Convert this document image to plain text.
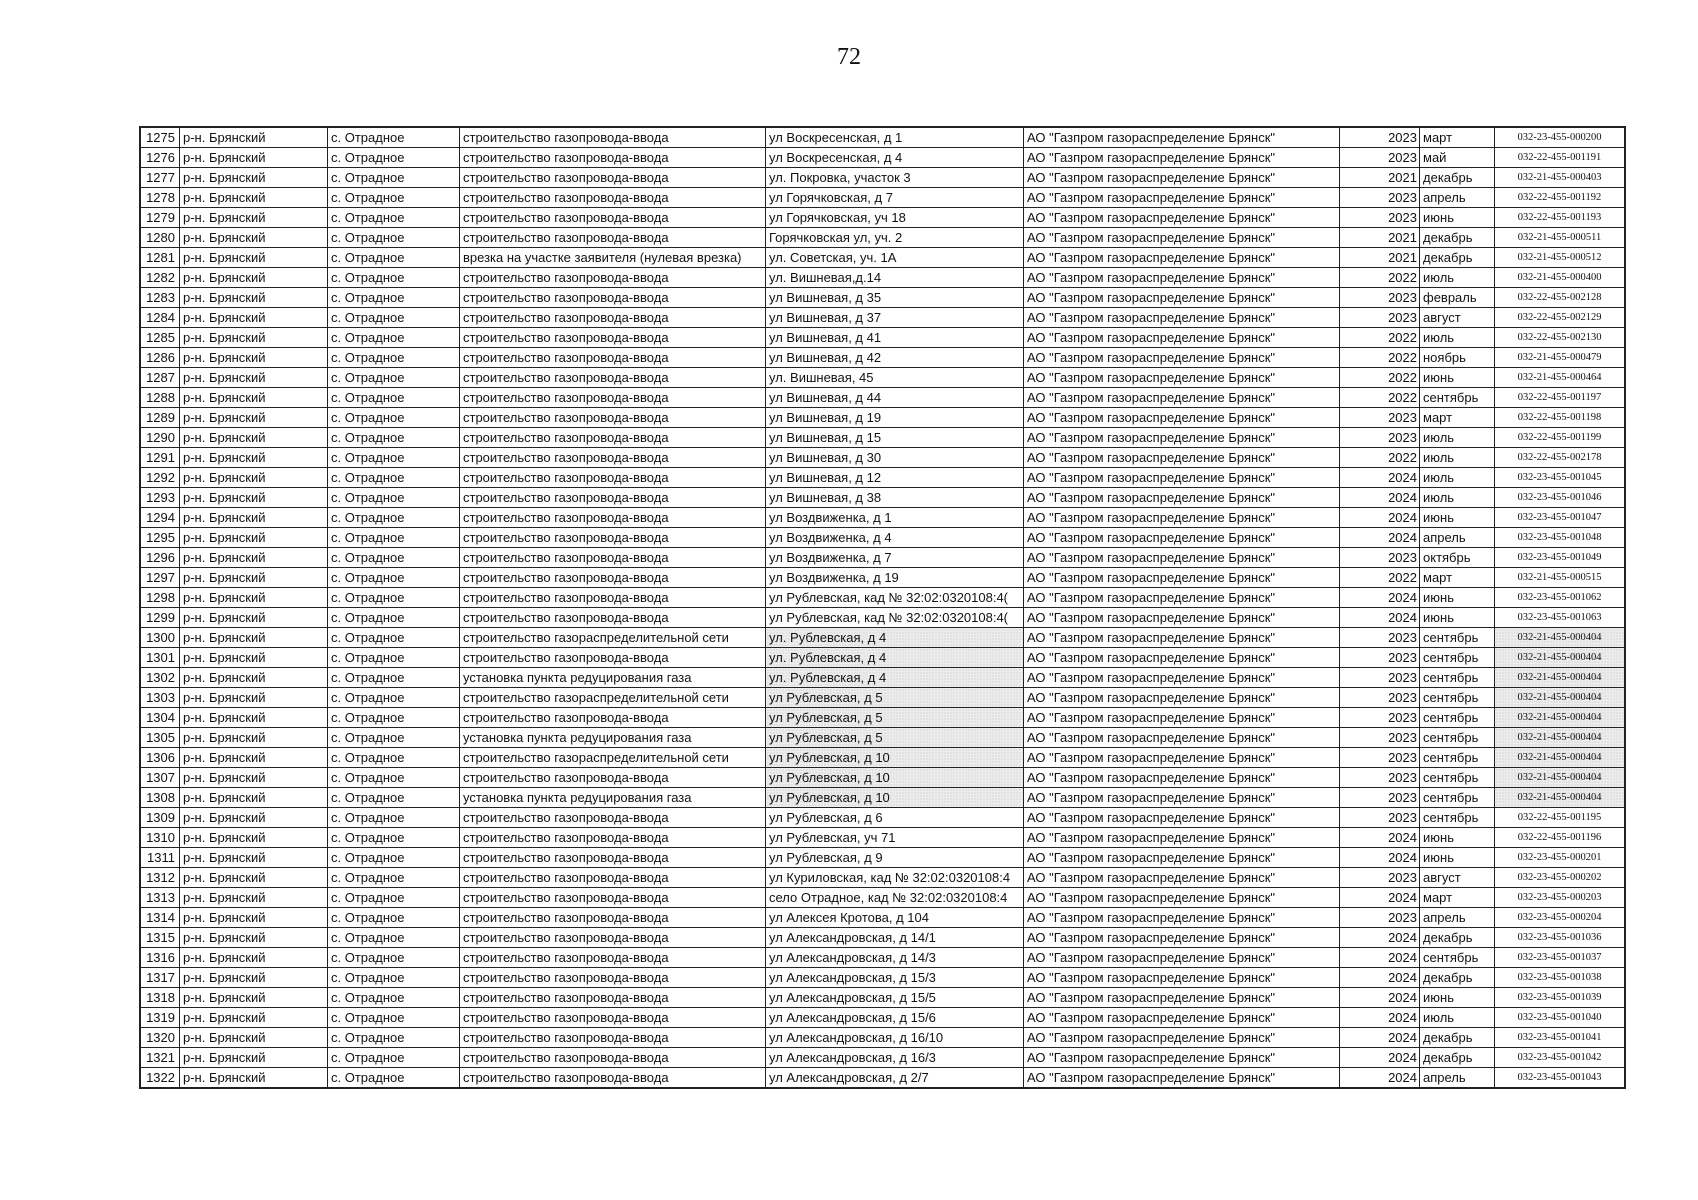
72
1275	р-н. Брянский	с. Отрадное	строительство газопровода-ввода	ул Воскресенская, д 1	АО "Газпром газораспределение Брянск"	2023	март	032-23-455-000200
1276	р-н. Брянский	с. Отрадное	строительство газопровода-ввода	ул Воскресенская, д 4	АО "Газпром газораспределение Брянск"	2023	май	032-22-455-001191
1277	р-н. Брянский	с. Отрадное	строительство газопровода-ввода	ул. Покровка, участок 3	АО "Газпром газораспределение Брянск"	2021	декабрь	032-21-455-000403
1278	р-н. Брянский	с. Отрадное	строительство газопровода-ввода	ул Горячковская, д 7	АО "Газпром газораспределение Брянск"	2023	апрель	032-22-455-001192
1279	р-н. Брянский	с. Отрадное	строительство газопровода-ввода	ул Горячковская, уч 18	АО "Газпром газораспределение Брянск"	2023	июнь	032-22-455-001193
1280	р-н. Брянский	с. Отрадное	строительство газопровода-ввода	Горячковская ул, уч. 2	АО "Газпром газораспределение Брянск"	2021	декабрь	032-21-455-000511
1281	р-н. Брянский	с. Отрадное	врезка на участке заявителя (нулевая врезка)	ул. Советская, уч. 1А	АО "Газпром газораспределение Брянск"	2021	декабрь	032-21-455-000512
1282	р-н. Брянский	с. Отрадное	строительство газопровода-ввода	ул. Вишневая,д.14	АО "Газпром газораспределение Брянск"	2022	июль	032-21-455-000400
1283	р-н. Брянский	с. Отрадное	строительство газопровода-ввода	ул Вишневая, д 35	АО "Газпром газораспределение Брянск"	2023	февраль	032-22-455-002128
1284	р-н. Брянский	с. Отрадное	строительство газопровода-ввода	ул Вишневая, д 37	АО "Газпром газораспределение Брянск"	2023	август	032-22-455-002129
1285	р-н. Брянский	с. Отрадное	строительство газопровода-ввода	ул Вишневая, д 41	АО "Газпром газораспределение Брянск"	2022	июль	032-22-455-002130
1286	р-н. Брянский	с. Отрадное	строительство газопровода-ввода	ул Вишневая, д 42	АО "Газпром газораспределение Брянск"	2022	ноябрь	032-21-455-000479
1287	р-н. Брянский	с. Отрадное	строительство газопровода-ввода	ул. Вишневая, 45	АО "Газпром газораспределение Брянск"	2022	июнь	032-21-455-000464
1288	р-н. Брянский	с. Отрадное	строительство газопровода-ввода	ул Вишневая, д 44	АО "Газпром газораспределение Брянск"	2022	сентябрь	032-22-455-001197
1289	р-н. Брянский	с. Отрадное	строительство газопровода-ввода	ул Вишневая, д 19	АО "Газпром газораспределение Брянск"	2023	март	032-22-455-001198
1290	р-н. Брянский	с. Отрадное	строительство газопровода-ввода	ул Вишневая, д 15	АО "Газпром газораспределение Брянск"	2023	июль	032-22-455-001199
1291	р-н. Брянский	с. Отрадное	строительство газопровода-ввода	ул Вишневая, д 30	АО "Газпром газораспределение Брянск"	2022	июль	032-22-455-002178
1292	р-н. Брянский	с. Отрадное	строительство газопровода-ввода	ул Вишневая, д 12	АО "Газпром газораспределение Брянск"	2024	июль	032-23-455-001045
1293	р-н. Брянский	с. Отрадное	строительство газопровода-ввода	ул Вишневая, д 38	АО "Газпром газораспределение Брянск"	2024	июль	032-23-455-001046
1294	р-н. Брянский	с. Отрадное	строительство газопровода-ввода	ул Воздвиженка, д 1	АО "Газпром газораспределение Брянск"	2024	июнь	032-23-455-001047
1295	р-н. Брянский	с. Отрадное	строительство газопровода-ввода	ул Воздвиженка, д 4	АО "Газпром газораспределение Брянск"	2024	апрель	032-23-455-001048
1296	р-н. Брянский	с. Отрадное	строительство газопровода-ввода	ул Воздвиженка, д 7	АО "Газпром газораспределение Брянск"	2023	октябрь	032-23-455-001049
1297	р-н. Брянский	с. Отрадное	строительство газопровода-ввода	ул Воздвиженка, д 19	АО "Газпром газораспределение Брянск"	2022	март	032-21-455-000515
1298	р-н. Брянский	с. Отрадное	строительство газопровода-ввода	ул Рублевская, кад № 32:02:0320108:4(	АО "Газпром газораспределение Брянск"	2024	июнь	032-23-455-001062
1299	р-н. Брянский	с. Отрадное	строительство газопровода-ввода	ул Рублевская, кад № 32:02:0320108:4(	АО "Газпром газораспределение Брянск"	2024	июнь	032-23-455-001063
1300	р-н. Брянский	с. Отрадное	строительство газораспределительной сети	ул. Рублевская, д 4	АО "Газпром газораспределение Брянск"	2023	сентябрь	032-21-455-000404
1301	р-н. Брянский	с. Отрадное	строительство газопровода-ввода	ул. Рублевская, д 4	АО "Газпром газораспределение Брянск"	2023	сентябрь	032-21-455-000404
1302	р-н. Брянский	с. Отрадное	установка пункта редуцирования газа	ул. Рублевская, д 4	АО "Газпром газораспределение Брянск"	2023	сентябрь	032-21-455-000404
1303	р-н. Брянский	с. Отрадное	строительство газораспределительной сети	ул Рублевская, д 5	АО "Газпром газораспределение Брянск"	2023	сентябрь	032-21-455-000404
1304	р-н. Брянский	с. Отрадное	строительство газопровода-ввода	ул Рублевская, д 5	АО "Газпром газораспределение Брянск"	2023	сентябрь	032-21-455-000404
1305	р-н. Брянский	с. Отрадное	установка пункта редуцирования газа	ул Рублевская, д 5	АО "Газпром газораспределение Брянск"	2023	сентябрь	032-21-455-000404
1306	р-н. Брянский	с. Отрадное	строительство газораспределительной сети	ул Рублевская, д 10	АО "Газпром газораспределение Брянск"	2023	сентябрь	032-21-455-000404
1307	р-н. Брянский	с. Отрадное	строительство газопровода-ввода	ул Рублевская, д 10	АО "Газпром газораспределение Брянск"	2023	сентябрь	032-21-455-000404
1308	р-н. Брянский	с. Отрадное	установка пункта редуцирования газа	ул Рублевская, д 10	АО "Газпром газораспределение Брянск"	2023	сентябрь	032-21-455-000404
1309	р-н. Брянский	с. Отрадное	строительство газопровода-ввода	ул Рублевская, д 6	АО "Газпром газораспределение Брянск"	2023	сентябрь	032-22-455-001195
1310	р-н. Брянский	с. Отрадное	строительство газопровода-ввода	ул Рублевская, уч 71	АО "Газпром газораспределение Брянск"	2024	июнь	032-22-455-001196
1311	р-н. Брянский	с. Отрадное	строительство газопровода-ввода	ул Рублевская, д 9	АО "Газпром газораспределение Брянск"	2024	июнь	032-23-455-000201
1312	р-н. Брянский	с. Отрадное	строительство газопровода-ввода	ул Куриловская, кад № 32:02:0320108:4	АО "Газпром газораспределение Брянск"	2023	август	032-23-455-000202
1313	р-н. Брянский	с. Отрадное	строительство газопровода-ввода	село Отрадное, кад № 32:02:0320108:4	АО "Газпром газораспределение Брянск"	2024	март	032-23-455-000203
1314	р-н. Брянский	с. Отрадное	строительство газопровода-ввода	ул Алексея Кротова, д 104	АО "Газпром газораспределение Брянск"	2023	апрель	032-23-455-000204
1315	р-н. Брянский	с. Отрадное	строительство газопровода-ввода	ул Александровская, д 14/1	АО "Газпром газораспределение Брянск"	2024	декабрь	032-23-455-001036
1316	р-н. Брянский	с. Отрадное	строительство газопровода-ввода	ул Александровская, д 14/3	АО "Газпром газораспределение Брянск"	2024	сентябрь	032-23-455-001037
1317	р-н. Брянский	с. Отрадное	строительство газопровода-ввода	ул Александровская, д 15/3	АО "Газпром газораспределение Брянск"	2024	декабрь	032-23-455-001038
1318	р-н. Брянский	с. Отрадное	строительство газопровода-ввода	ул Александровская, д 15/5	АО "Газпром газораспределение Брянск"	2024	июнь	032-23-455-001039
1319	р-н. Брянский	с. Отрадное	строительство газопровода-ввода	ул Александровская, д 15/6	АО "Газпром газораспределение Брянск"	2024	июль	032-23-455-001040
1320	р-н. Брянский	с. Отрадное	строительство газопровода-ввода	ул Александровская, д 16/10	АО "Газпром газораспределение Брянск"	2024	декабрь	032-23-455-001041
1321	р-н. Брянский	с. Отрадное	строительство газопровода-ввода	ул Александровская, д 16/3	АО "Газпром газораспределение Брянск"	2024	декабрь	032-23-455-001042
1322	р-н. Брянский	с. Отрадное	строительство газопровода-ввода	ул Александровская, д 2/7	АО "Газпром газораспределение Брянск"	2024	апрель	032-23-455-001043
